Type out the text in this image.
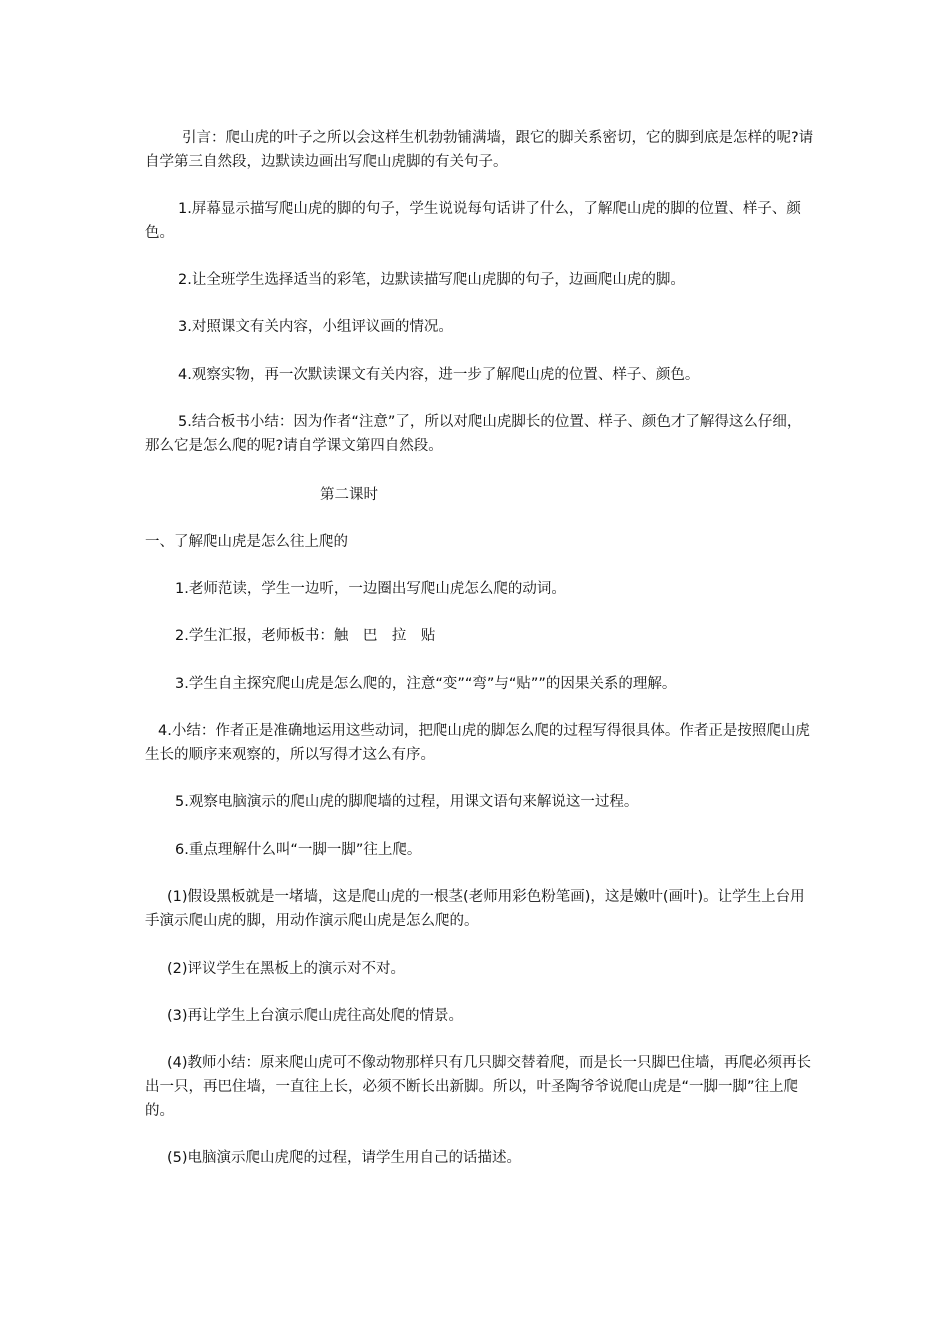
引言：爬山虎的叶子之所以会这样生机勃勃铺满墙，跟它的脚关系密切，它的脚到底是怎样的呢?请自学第三自然段，边默读边画出写爬山虎脚的有关句子。

1.屏幕显示描写爬山虎的脚的句子，学生说说每句话讲了什么，了解爬山虎的脚的位置、样子、颜色。

2.让全班学生选择适当的彩笔，边默读描写爬山虎脚的句子，边画爬山虎的脚。

3.对照课文有关内容，小组评议画的情况。

4.观察实物，再一次默读课文有关内容，进一步了解爬山虎的位置、样子、颜色。

5.结合板书小结：因为作者“注意”了，所以对爬山虎脚长的位置、样子、颜色才了解得这么仔细，那么它是怎么爬的呢?请自学课文第四自然段。

第二课时

一、了解爬山虎是怎么往上爬的

1.老师范读，学生一边听，一边圈出写爬山虎怎么爬的动词。

2.学生汇报，老师板书：触　巴　拉　贴

3.学生自主探究爬山虎是怎么爬的，注意“变”“弯”与“贴””的因果关系的理解。

4.小结：作者正是准确地运用这些动词，把爬山虎的脚怎么爬的过程写得很具体。作者正是按照爬山虎生长的顺序来观察的，所以写得才这么有序。

5.观察电脑演示的爬山虎的脚爬墙的过程，用课文语句来解说这一过程。

6.重点理解什么叫“一脚一脚”往上爬。

(1)假设黑板就是一堵墙，这是爬山虎的一根茎(老师用彩色粉笔画)，这是嫩叶(画叶)。让学生上台用手演示爬山虎的脚，用动作演示爬山虎是怎么爬的。

(2)评议学生在黑板上的演示对不对。

(3)再让学生上台演示爬山虎往高处爬的情景。

(4)教师小结：原来爬山虎可不像动物那样只有几只脚交替着爬，而是长一只脚巴住墙，再爬必须再长出一只，再巴住墙，一直往上长，必须不断长出新脚。所以，叶圣陶爷爷说爬山虎是“一脚一脚”往上爬的。

(5)电脑演示爬山虎爬的过程，请学生用自己的话描述。
